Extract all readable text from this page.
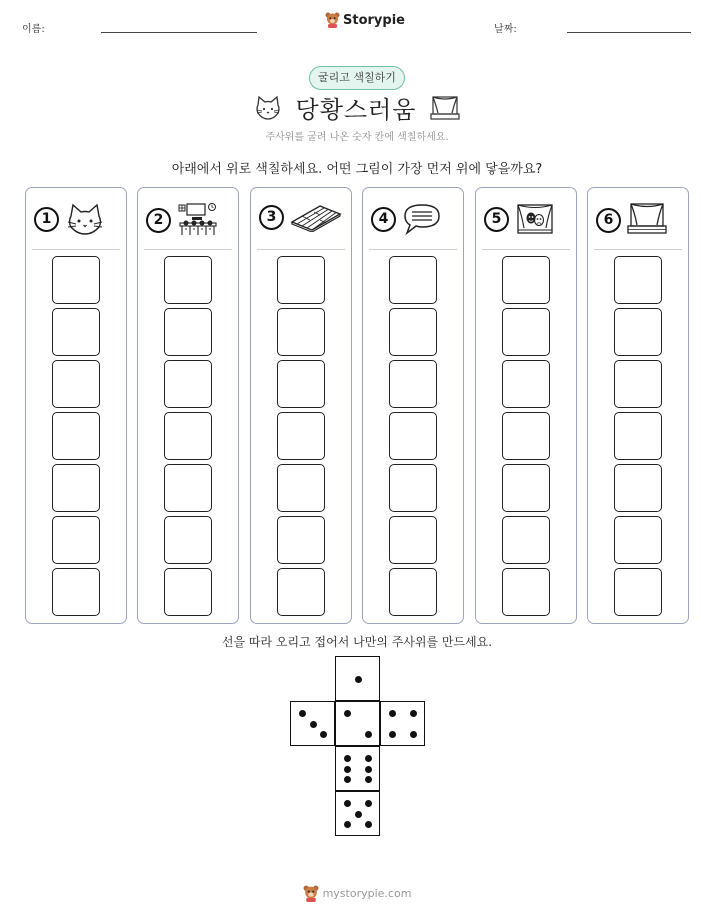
이름:
Storypie
날짜:
굴리고 색칠하기
당황스러움
주사위를 굴려 나온 숫자 칸에 색칠하세요.
아래에서 위로 색칠하세요. 어떤 그림이 가장 먼저 위에 닿을까요?
1	2	3	4	5	6
선을 따라 오리고 접어서 나만의 주사위를 만드세요.
mystorypie.com
